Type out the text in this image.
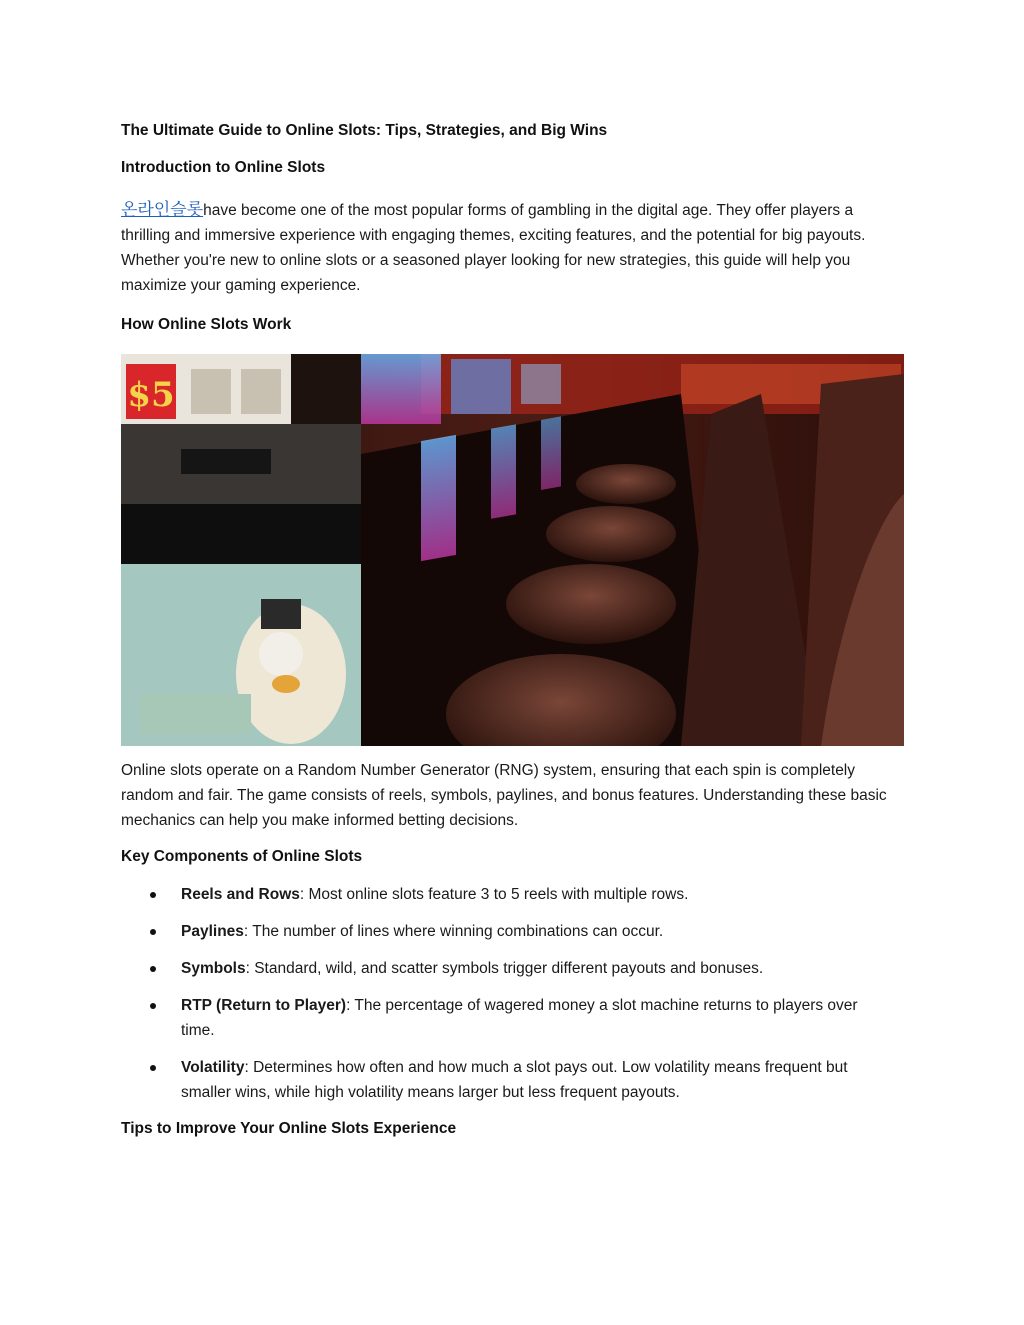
The Ultimate Guide to Online Slots: Tips, Strategies, and Big Wins
Introduction to Online Slots
온라인슬롯have become one of the most popular forms of gambling in the digital age. They offer players a thrilling and immersive experience with engaging themes, exciting features, and the potential for big payouts. Whether you're new to online slots or a seasoned player looking for new strategies, this guide will help you maximize your gaming experience.
How Online Slots Work
$5
Online slots operate on a Random Number Generator (RNG) system, ensuring that each spin is completely random and fair. The game consists of reels, symbols, paylines, and bonus features. Understanding these basic mechanics can help you make informed betting decisions.
Key Components of Online Slots
Reels and Rows: Most online slots feature 3 to 5 reels with multiple rows.
Paylines: The number of lines where winning combinations can occur.
Symbols: Standard, wild, and scatter symbols trigger different payouts and bonuses.
RTP (Return to Player): The percentage of wagered money a slot machine returns to players over time.
Volatility: Determines how often and how much a slot pays out. Low volatility means frequent but smaller wins, while high volatility means larger but less frequent payouts.
Tips to Improve Your Online Slots Experience
